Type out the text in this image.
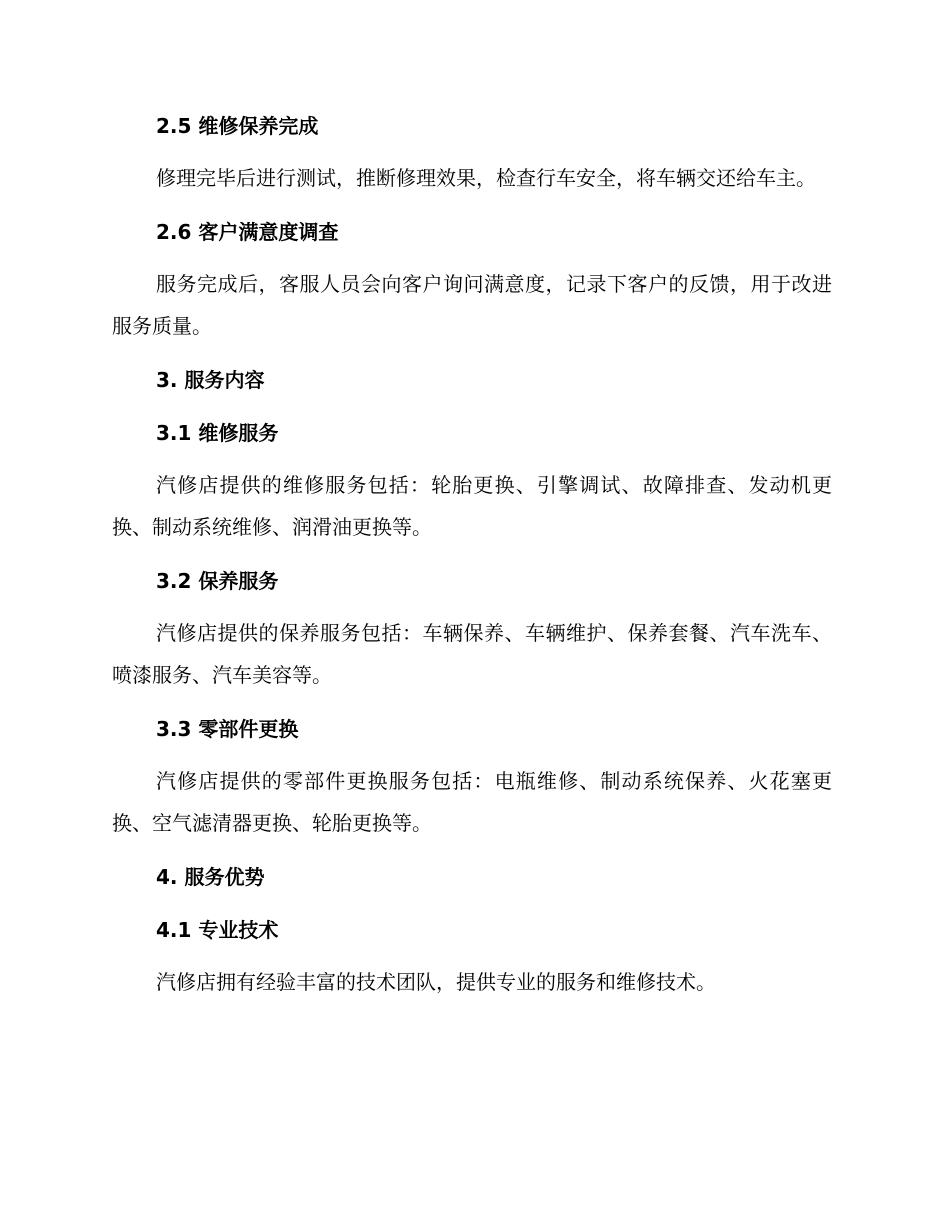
2.5 维修保养完成
修理完毕后进行测试，推断修理效果，检查行车安全，将车辆交还给车主。
2.6 客户满意度调查
服务完成后，客服人员会向客户询问满意度，记录下客户的反馈，用于改进服务质量。
3. 服务内容
3.1 维修服务
汽修店提供的维修服务包括：轮胎更换、引擎调试、故障排查、发动机更换、制动系统维修、润滑油更换等。
3.2 保养服务
汽修店提供的保养服务包括：车辆保养、车辆维护、保养套餐、汽车洗车、喷漆服务、汽车美容等。
3.3 零部件更换
汽修店提供的零部件更换服务包括：电瓶维修、制动系统保养、火花塞更换、空气滤清器更换、轮胎更换等。
4. 服务优势
4.1 专业技术
汽修店拥有经验丰富的技术团队，提供专业的服务和维修技术。
